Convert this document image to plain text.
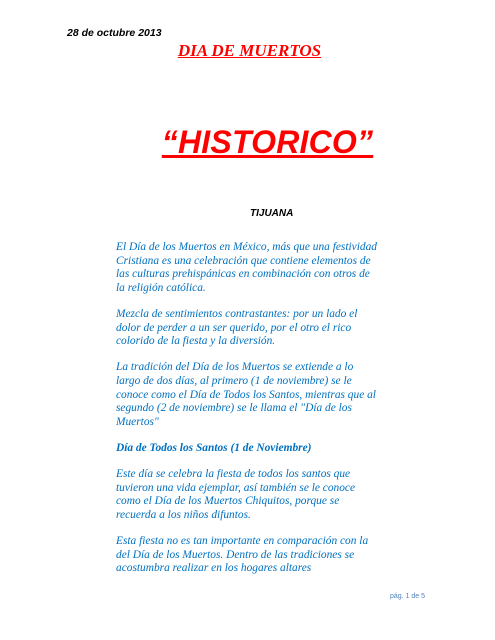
28 de octubre 2013
DIA DE MUERTOS
“HISTORICO”
TIJUANA

El Día de los Muertos en México, más que una festividad Cristiana es una celebración que contiene elementos de las culturas prehispánicas en combinación con otros de la religión católica.

Mezcla de sentimientos contrastantes: por un lado el dolor de perder a un ser querido, por el otro el rico colorido de la fiesta y la diversión.

La tradición del Día de los Muertos se extiende a lo largo de dos días, al primero (1 de noviembre) se le conoce como el Día de Todos los Santos, mientras que al segundo (2 de noviembre) se le llama el "Día de los Muertos"

Día de Todos los Santos (1 de Noviembre)

Este día se celebra la fiesta de todos los santos que tuvieron una vida ejemplar, así también se le conoce como el Día de los Muertos Chiquitos, porque se recuerda a los niños difuntos.

Esta fiesta no es tan importante en comparación con la del Día de los Muertos. Dentro de las tradiciones se acostumbra realizar en los hogares altares

pág. 1 de 5
